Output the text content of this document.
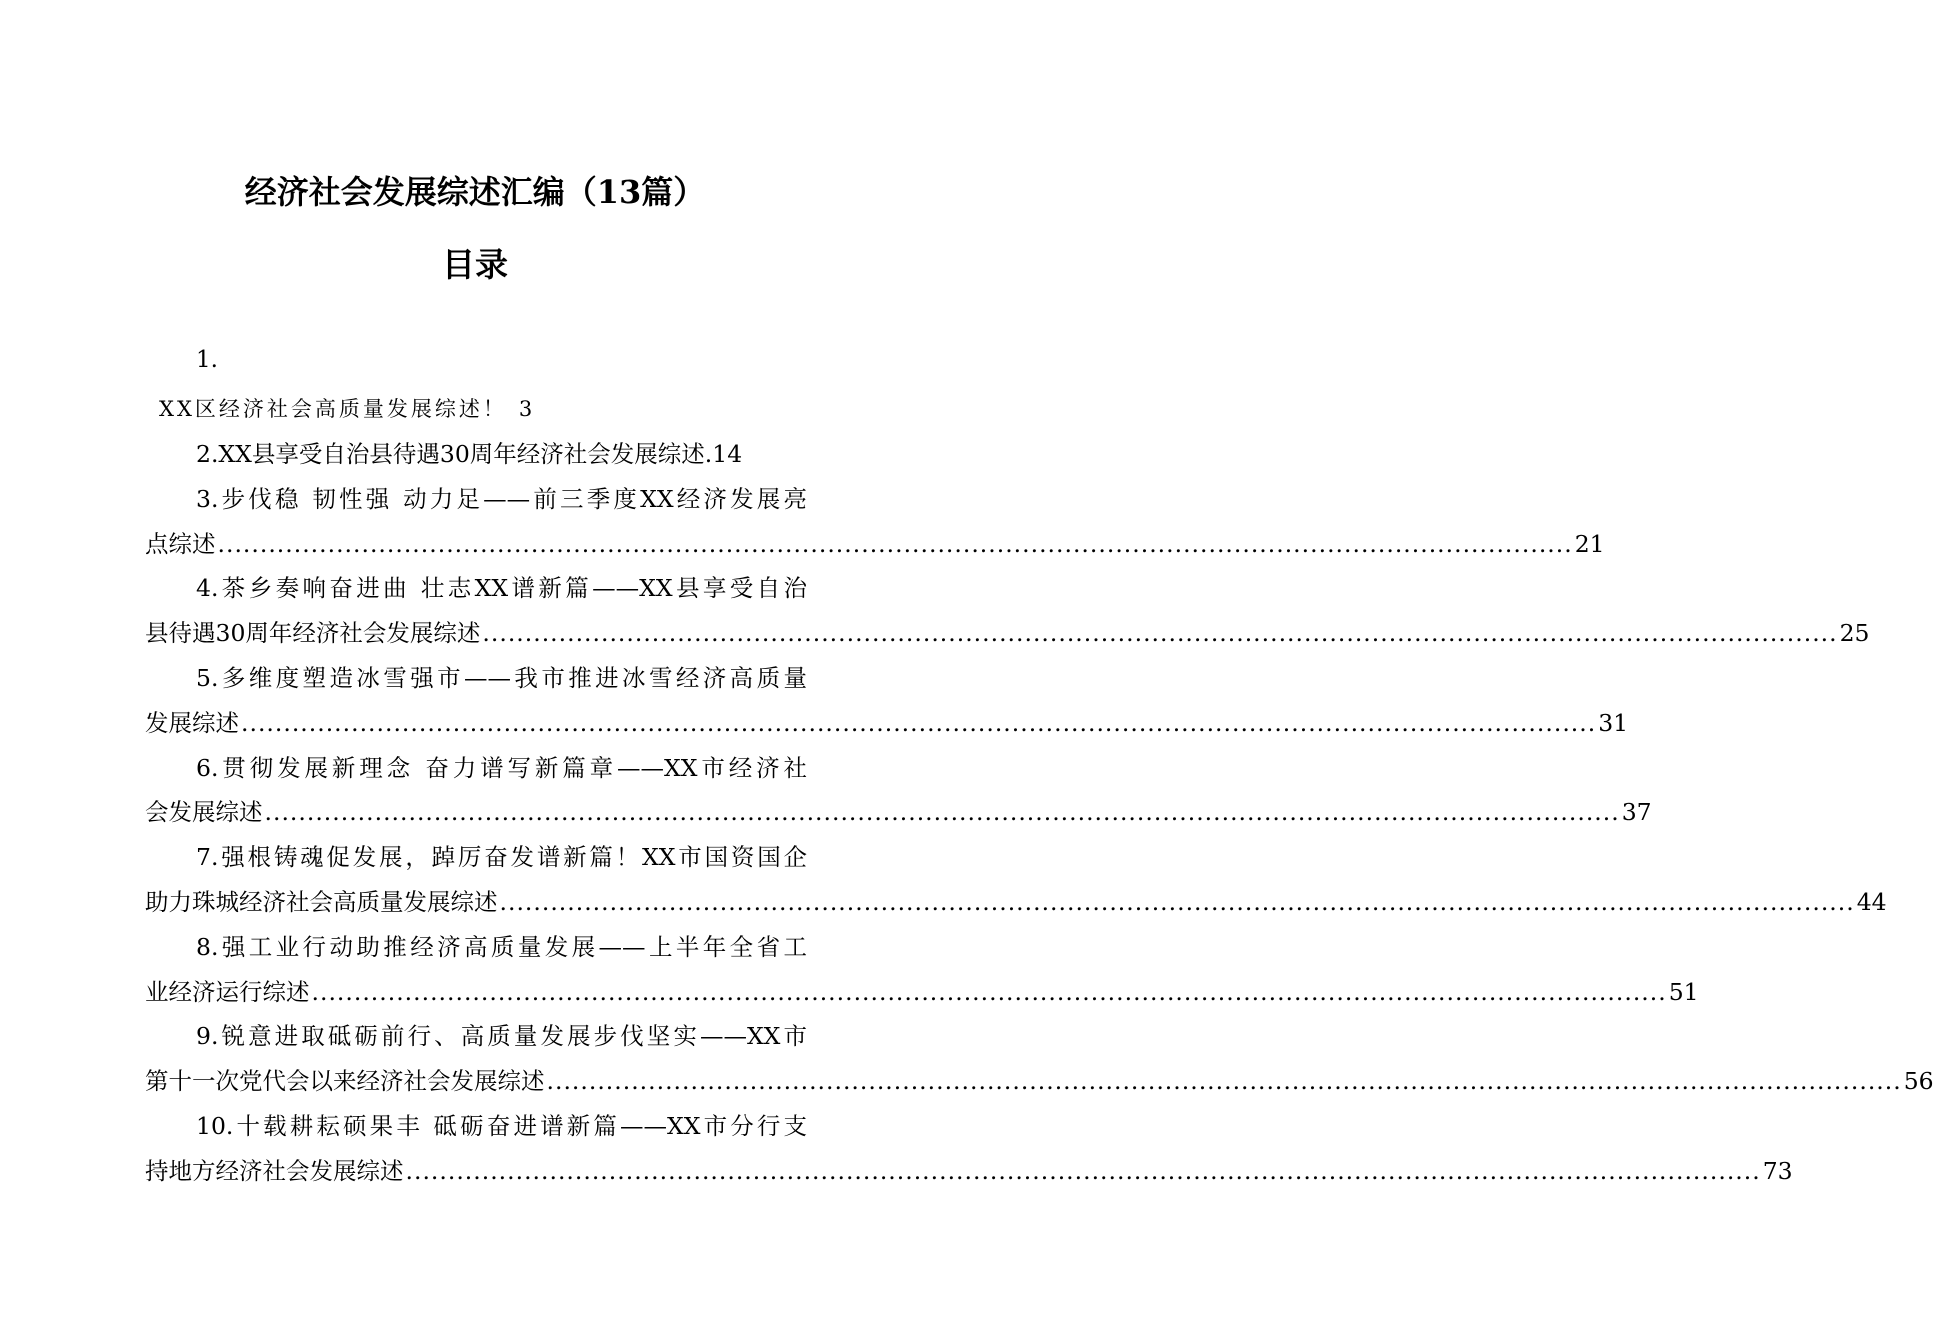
经济社会发展综述汇编（13篇）
目录
1.
XX区经济社会高质量发展综述！ 3
2.XX县享受自治县待遇30周年经济社会发展综述. 14
3.步伐稳 韧性强 动力足——前三季度XX经济发展亮
点综述 ................................................................................................................................................................ 21
4.茶乡奏响奋进曲 壮志XX谱新篇——XX县享受自治
县待遇30周年经济社会发展综述 ................................................................................................................................................................ 25
5.多维度塑造冰雪强市——我市推进冰雪经济高质量
发展综述 ................................................................................................................................................................ 31
6.贯彻发展新理念 奋力谱写新篇章——XX市经济社
会发展综述 ................................................................................................................................................................ 37
7.强根铸魂促发展，踔厉奋发谱新篇！XX市国资国企
助力珠城经济社会高质量发展综述 ................................................................................................................................................................ 44
8.强工业行动助推经济高质量发展——上半年全省工
业经济运行综述 ................................................................................................................................................................ 51
9.锐意进取砥砺前行、高质量发展步伐坚实——XX市
第十一次党代会以来经济社会发展综述 ................................................................................................................................................................ 56
10.十载耕耘硕果丰 砥砺奋进谱新篇——XX市分行支
持地方经济社会发展综述 ................................................................................................................................................................ 73
